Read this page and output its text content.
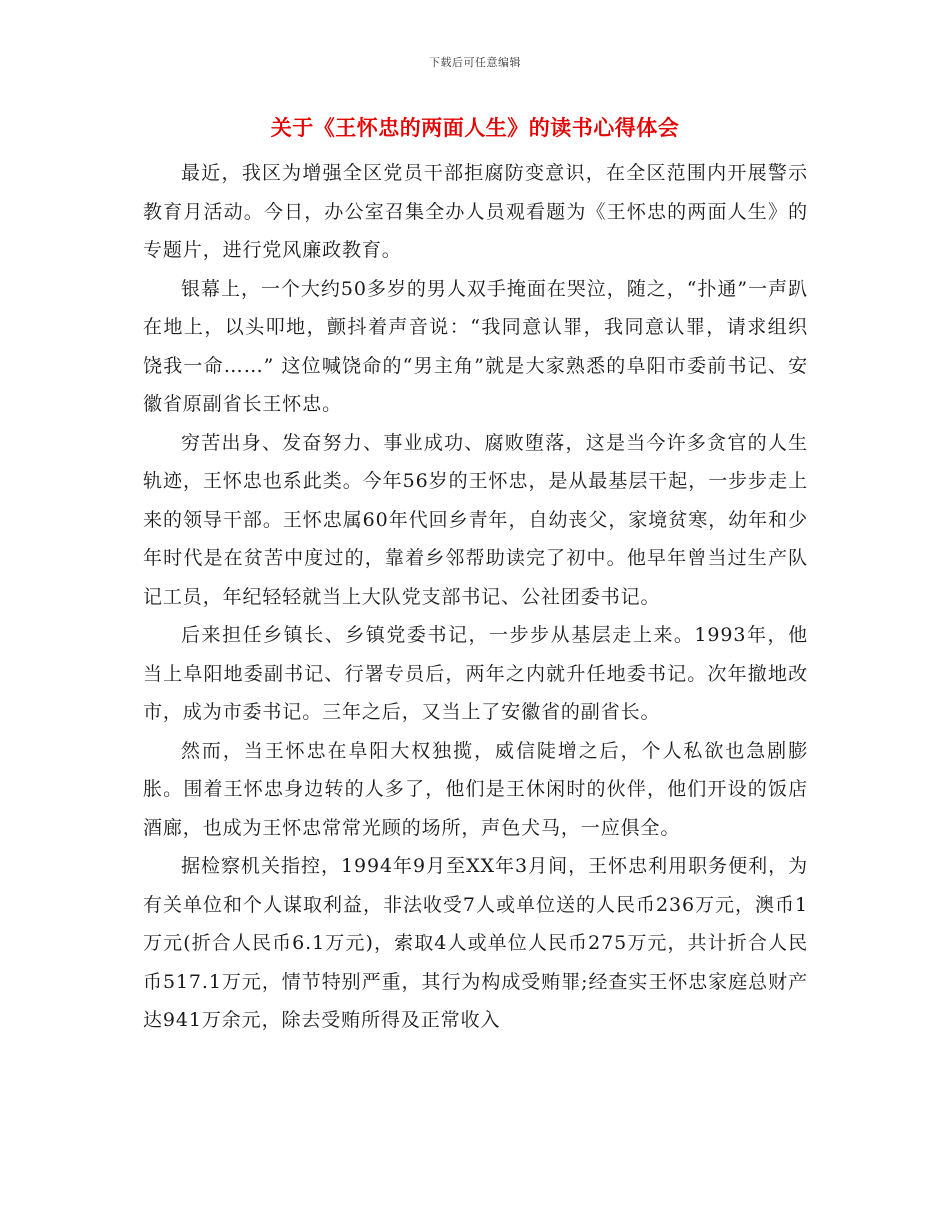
下载后可任意编辑
关于《王怀忠的两面人生》的读书心得体会

最近，我区为增强全区党员干部拒腐防变意识，在全区范围内开展警示教育月活动。今日，办公室召集全办人员观看题为《王怀忠的两面人生》的专题片，进行党风廉政教育。

银幕上，一个大约50多岁的男人双手掩面在哭泣，随之，“扑通”一声趴在地上，以头叩地，颤抖着声音说：“我同意认罪，我同意认罪，请求组织饶我一命……” 这位喊饶命的“男主角”就是大家熟悉的阜阳市委前书记、安徽省原副省长王怀忠。

穷苦出身、发奋努力、事业成功、腐败堕落，这是当今许多贪官的人生轨迹，王怀忠也系此类。今年56岁的王怀忠，是从最基层干起，一步步走上来的领导干部。王怀忠属60年代回乡青年，自幼丧父，家境贫寒，幼年和少年时代是在贫苦中度过的，靠着乡邻帮助读完了初中。他早年曾当过生产队记工员，年纪轻轻就当上大队党支部书记、公社团委书记。

后来担任乡镇长、乡镇党委书记，一步步从基层走上来。1993年，他当上阜阳地委副书记、行署专员后，两年之内就升任地委书记。次年撤地改市，成为市委书记。三年之后，又当上了安徽省的副省长。

然而，当王怀忠在阜阳大权独揽，威信陡增之后，个人私欲也急剧膨胀。围着王怀忠身边转的人多了，他们是王休闲时的伙伴，他们开设的饭店酒廊，也成为王怀忠常常光顾的场所，声色犬马，一应俱全。

据检察机关指控，1994年9月至XX年3月间，王怀忠利用职务便利，为有关单位和个人谋取利益，非法收受7人或单位送的人民币236万元，澳币1万元(折合人民币6.1万元)，索取4人或单位人民币275万元，共计折合人民币517.1万元，情节特别严重，其行为构成受贿罪;经查实王怀忠家庭总财产达941万余元，除去受贿所得及正常收入
